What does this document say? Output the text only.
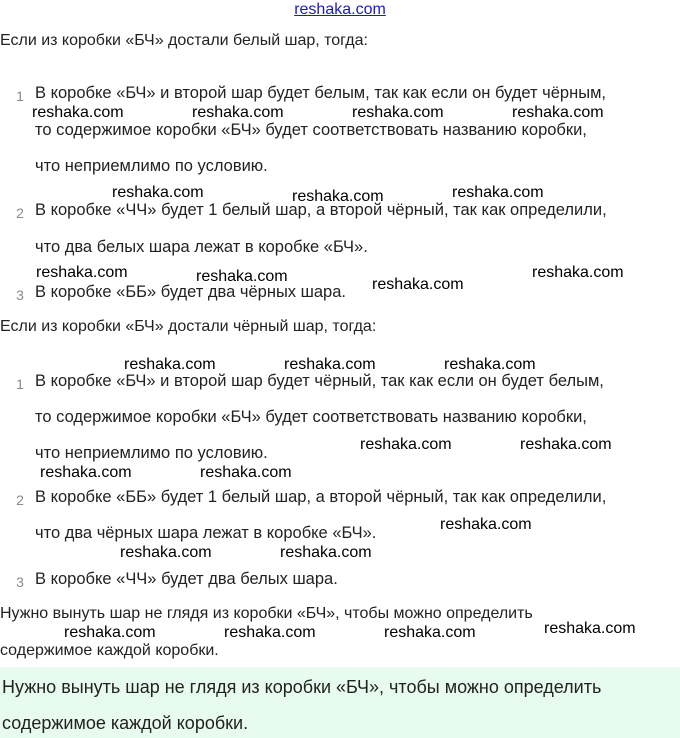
reshaka.com
Если из коробки «БЧ» достали белый шар, тогда:
1 В коробке «БЧ» и второй шар будет белым, так как если он будет чёрным,
то содержимое коробки «БЧ» будет соответствовать названию коробки,
что неприемлимо по условию.
2 В коробке «ЧЧ» будет 1 белый шар, а второй чёрный, так как определили,
что два белых шара лежат в коробке «БЧ».
3 В коробке «ББ» будет два чёрных шара.
Если из коробки «БЧ» достали чёрный шар, тогда:
1 В коробке «БЧ» и второй шар будет чёрный, так как если он будет белым,
то содержимое коробки «БЧ» будет соответствовать названию коробки,
что неприемлимо по условию.
2 В коробке «ББ» будет 1 белый шар, а второй чёрный, так как определили,
что два чёрных шара лежат в коробке «БЧ».
3 В коробке «ЧЧ» будет два белых шара.
Нужно вынуть шар не глядя из коробки «БЧ», чтобы можно определить
содержимое каждой коробки.
Нужно вынуть шар не глядя из коробки «БЧ», чтобы можно определить
содержимое каждой коробки.
reshaka.com	reshaka.com	reshaka.com	reshaka.com
reshaka.com	reshaka.com	reshaka.com
reshaka.com	reshaka.com	reshaka.com
reshaka.com
reshaka.com	reshaka.com	reshaka.com
reshaka.com	reshaka.com
reshaka.com	reshaka.com
reshaka.com
reshaka.com	reshaka.com
reshaka.com	reshaka.com	reshaka.com	reshaka.com
